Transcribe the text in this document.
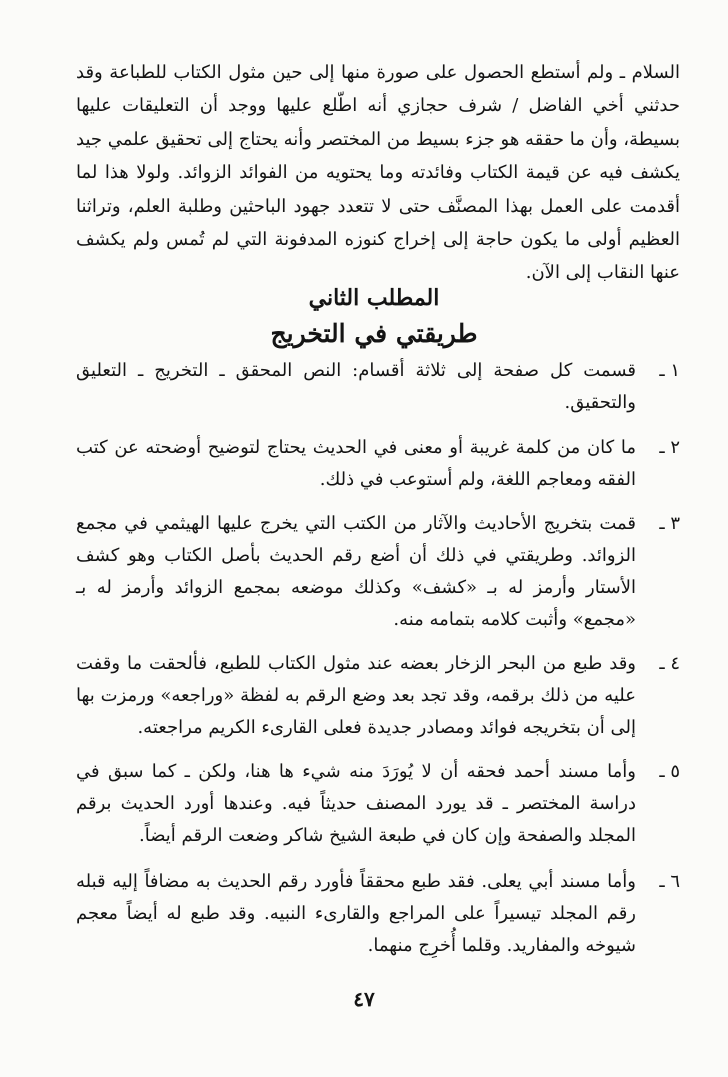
السلام ـ ولم أستطع الحصول على صورة منها إلى حين مثول الكتاب للطباعة وقد حدثني أخي الفاضل / شرف حجازي أنه اطّلع عليها ووجد أن التعليقات عليها بسيطة، وأن ما حققه هو جزء بسيط من المختصر وأنه يحتاج إلى تحقيق علمي جيد يكشف فيه عن قيمة الكتاب وفائدته وما يحتويه من الفوائد الزوائد. ولولا هذا لما أقدمت على العمل بهذا المصنَّف حتى لا تتعدد جهود الباحثين وطلبة العلم، وتراثنا العظيم أولى ما يكون حاجة إلى إخراج كنوزه المدفونة التي لم تُمس ولم يكشف عنها النقاب إلى الآن.

المطلب الثاني
طريقتي في التخريج
١ ـ
قسمت كل صفحة إلى ثلاثة أقسام: النص المحقق ـ التخريج ـ التعليق والتحقيق.
٢ ـ
ما كان من كلمة غريبة أو معنى في الحديث يحتاج لتوضيح أوضحته عن كتب الفقه ومعاجم اللغة، ولم أستوعب في ذلك.
٣ ـ
قمت بتخريج الأحاديث والآثار من الكتب التي يخرج عليها الهيثمي في مجمع الزوائد. وطريقتي في ذلك أن أضع رقم الحديث بأصل الكتاب وهو كشف الأستار وأرمز له بـ «كشف» وكذلك موضعه بمجمع الزوائد وأرمز له بـ «مجمع» وأثبت كلامه بتمامه منه.
٤ ـ
وقد طبع من البحر الزخار بعضه عند مثول الكتاب للطبع، فألحقت ما وقفت عليه من ذلك برقمه، وقد تجد بعد وضع الرقم به لفظة «وراجعه» ورمزت بها إلى أن بتخريجه فوائد ومصادر جديدة فعلى القارىء الكريم مراجعته.
٥ ـ
وأما مسند أحمد فحقه أن لا يُورَدَ منه شيء ها هنا، ولكن ـ كما سبق في دراسة المختصر ـ قد يورد المصنف حديثاً فيه. وعندها أورد الحديث برقم المجلد والصفحة وإن كان في طبعة الشيخ شاكر وضعت الرقم أيضاً.
٦ ـ
وأما مسند أبي يعلى. فقد طبع محققاً فأورد رقم الحديث به مضافاً إليه قبله رقم المجلد تيسيراً على المراجع والقارىء النبيه. وقد طبع له أيضاً معجم شيوخه والمفاريد. وقلما أُخرِج منهما.
٤٧
